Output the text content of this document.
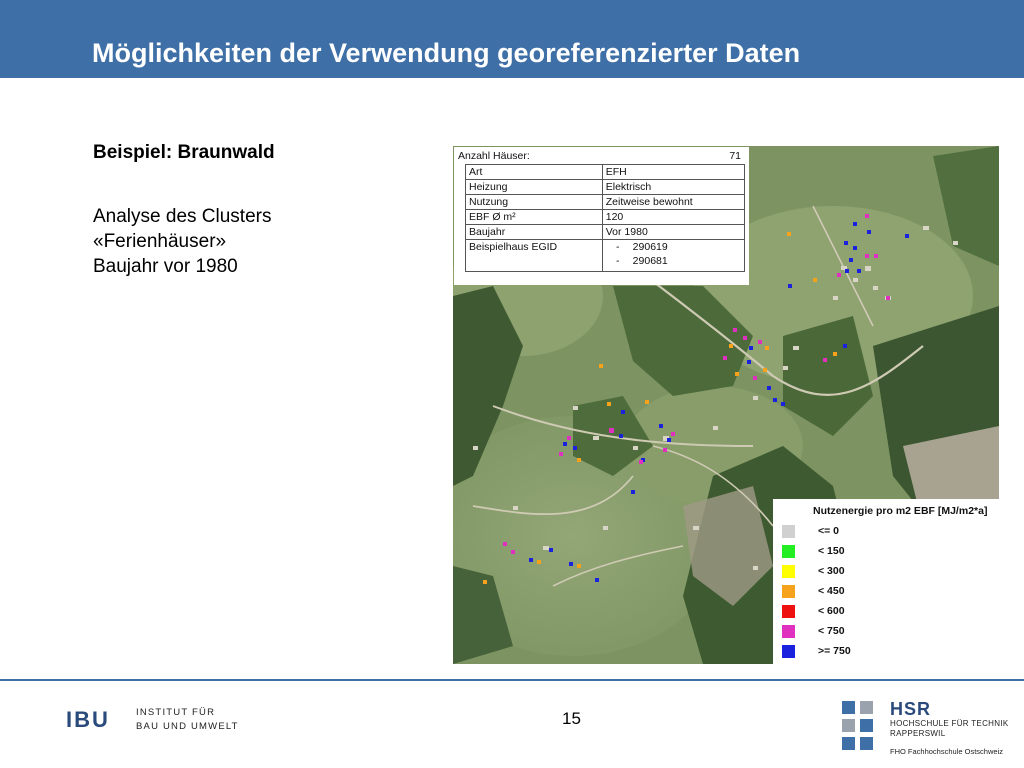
Möglichkeiten der Verwendung georeferenzierter Daten

Beispiel: Braunwald

Analyse des Clusters
«Ferienhäuser»
Baujahr vor 1980
Anzahl Häuser:	71
Art	EFH
Heizung	Elektrisch
Nutzung	Zeitweise bewohnt
EBF Ø m²	120
Baujahr	Vor 1980
Beispielhaus EGID	- 290619
- 290681
Nutzenergie pro m2 EBF [MJ/m2*a]
<= 0
< 150
< 300
< 450
< 600
< 750
>= 750
IBU	INSTITUT FÜR
BAU UND UMWELT	15	HSR
HOCHSCHULE FÜR TECHNIK
RAPPERSWIL
FHO Fachhochschule Ostschweiz
